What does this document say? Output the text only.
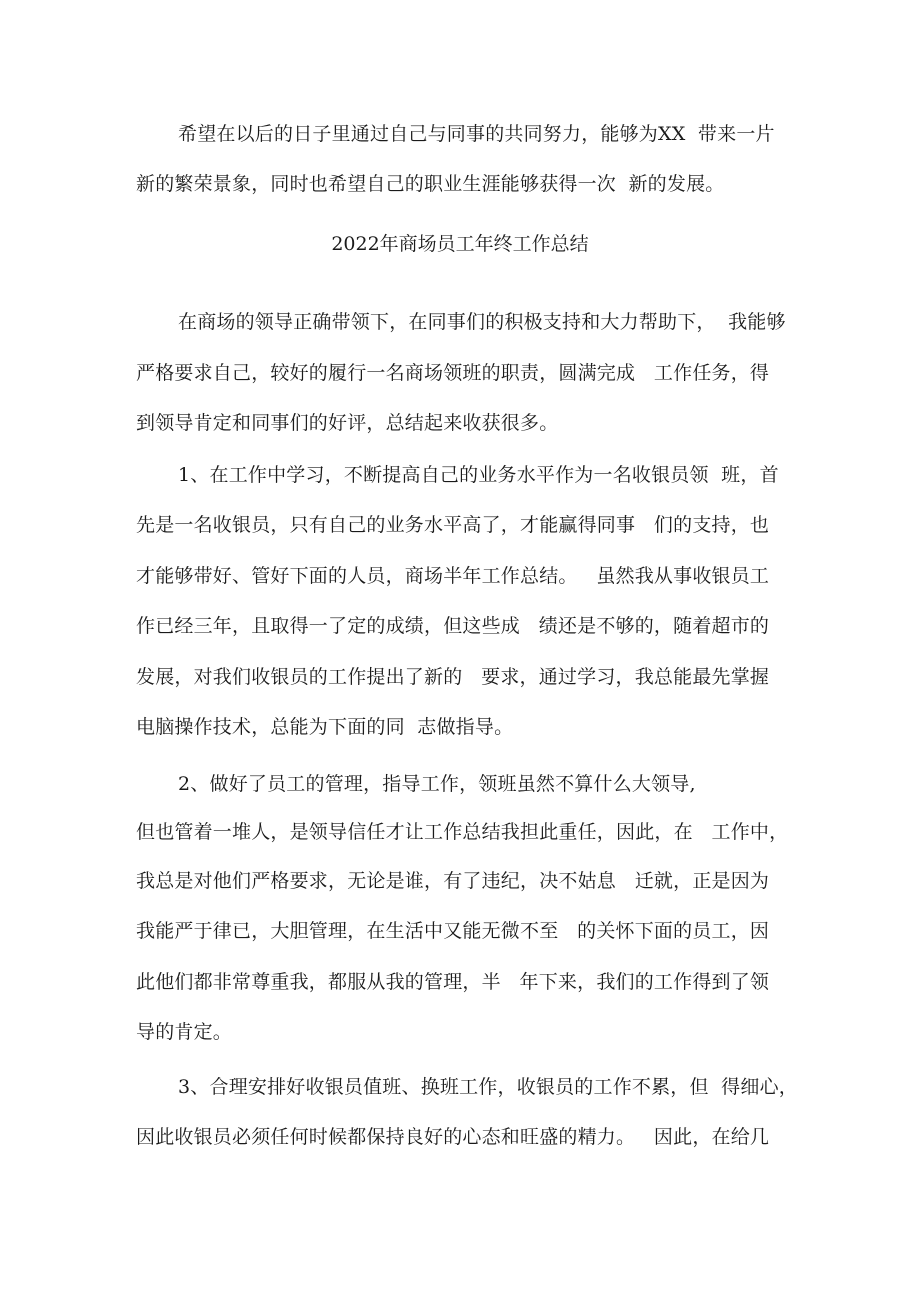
希望在以后的日子里通过自己与同事的共同努力，能够为XX  带来一片
新的繁荣景象，同时也希望自己的职业生涯能够获得一次  新的发展。
2022年商场员工年终工作总结
在商场的领导正确带领下，在同事们的积极支持和大力帮助下，  我能够
严格要求自己，较好的履行一名商场领班的职责，圆满完成   工作任务，得
到领导肯定和同事们的好评，总结起来收获很多。
1、在工作中学习，不断提高自己的业务水平作为一名收银员领  班，首
先是一名收银员，只有自己的业务水平高了，才能赢得同事   们的支持，也
才能够带好、管好下面的人员，商场半年工作总结。   虽然我从事收银员工
作已经三年，且取得一了定的成绩，但这些成   绩还是不够的，随着超市的
发展，对我们收银员的工作提出了新的   要求，通过学习，我总能最先掌握
电脑操作技术，总能为下面的同  志做指导。
2、做好了员工的管理，指导工作，领班虽然不算什么大领导,
但也管着一堆人，是领导信任才让工作总结我担此重任，因此，在   工作中，
我总是对他们严格要求，无论是谁，有了违纪，决不姑息   迁就，正是因为
我能严于律已，大胆管理，在生活中又能无微不至   的关怀下面的员工，因
此他们都非常尊重我，都服从我的管理，半   年下来，我们的工作得到了领
导的肯定。
3、合理安排好收银员值班、换班工作，收银员的工作不累，但  得细心，
因此收银员必须任何时候都保持良好的心态和旺盛的精力。   因此，在给几
